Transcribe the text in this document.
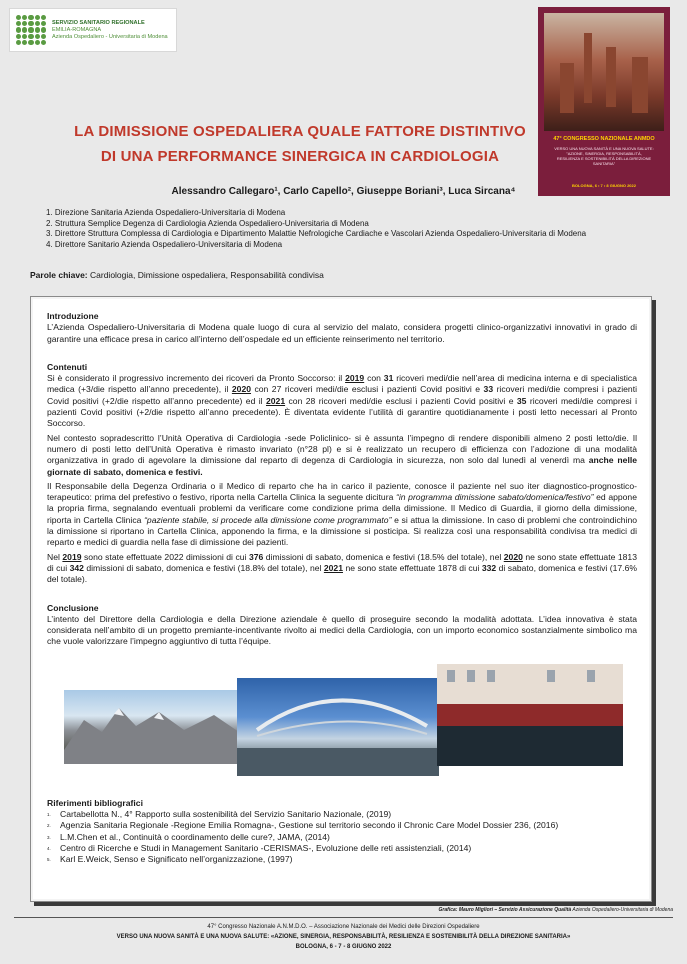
SERVIZIO SANITARIO REGIONALE
EMILIA-ROMAGNA
Azienda Ospedaliero - Universitaria di Modena
47° CONGRESSO NAZIONALE ANMDO
VERSO UNA NUOVA SANITÀ E UNA NUOVA SALUTE:
"AZIONE, SINERGIA, RESPONSABILITÀ,
RESILIENZA E SOSTENIBILITÀ DELLA DIREZIONE SANITARIA"
BOLOGNA, 6 • 7 • 8 GIUGNO 2022
LA DIMISSIONE OSPEDALIERA QUALE FATTORE DISTINTIVO
DI UNA PERFORMANCE SINERGICA IN CARDIOLOGIA
Alessandro Callegaro¹, Carlo Capello², Giuseppe Boriani³, Luca Sircana⁴
1. Direzione Sanitaria Azienda Ospedaliero-Universitaria di Modena
2. Struttura Semplice Degenza di Cardiologia Azienda Ospedaliero-Universitaria di Modena
3. Direttore Struttura Complessa di Cardiologia e Dipartimento Malattie Nefrologiche Cardiache e Vascolari Azienda Ospedaliero-Universitaria di Modena
4. Direttore Sanitario Azienda Ospedaliero-Universitaria di Modena
Parole chiave: Cardiologia, Dimissione ospedaliera, Responsabilità condivisa
Introduzione

L’Azienda Ospedaliero-Universitaria di Modena quale luogo di cura al servizio del malato, considera progetti clinico-organizzativi innovativi in grado di garantire una efficace presa in carico all’interno dell’ospedale ed un efficiente reinserimento nel territorio.

Contenuti

Si è considerato il progressivo incremento dei ricoveri da Pronto Soccorso: il 2019 con 31 ricoveri medi/die nell’area di medicina interna e di specialistica medica (+3/die rispetto all’anno precedente), il 2020 con 27 ricoveri medi/die esclusi i pazienti Covid positivi e 33 ricoveri medi/die compresi i pazienti Covid positivi (+2/die rispetto all’anno precedente) ed il 2021 con 28 ricoveri medi/die esclusi i pazienti Covid positivi e 35 ricoveri medi/die compresi i pazienti Covid positivi (+2/die rispetto all’anno precedente). È diventata evidente l’utilità di garantire quotidianamente i posti letto necessari al Pronto Soccorso.

Nel contesto sopradescritto l’Unità Operativa di Cardiologia -sede Policlinico- si è assunta l’impegno di rendere disponibili almeno 2 posti letto/die. Il numero di posti letto dell’Unità Operativa è rimasto invariato (n°28 pl) e si è realizzato un recupero di efficienza con l’adozione di una modalità organizzativa in grado di agevolare la dimissione dal reparto di degenza di Cardiologia in sicurezza, non solo dal lunedì al venerdì ma anche nelle giornate di sabato, domenica e festivi.

Il Responsabile della Degenza Ordinaria o il Medico di reparto che ha in carico il paziente, conosce il paziente nel suo iter diagnostico-prognostico-terapeutico: prima del prefestivo o festivo, riporta nella Cartella Clinica la seguente dicitura “in programma dimissione sabato/domenica/festivo” ed appone la propria firma, segnalando eventuali problemi da verificare come condizione prima della dimissione. Il Medico di Guardia, il giorno della dimissione, riporta in Cartella Clinica “paziente stabile, si procede alla dimissione come programmato” e si attua la dimissione. In caso di problemi che controindichino la dimissione si riportano in Cartella Clinica, apponendo la firma, e la dimissione si posticipa. Si realizza così una responsabilità condivisa tra medici di reparto e medici di guardia nella fase di dimissione dei pazienti.

Nel 2019 sono state effettuate 2022 dimissioni di cui 376 dimissioni di sabato, domenica e festivi (18.5% del totale), nel 2020 ne sono state effettuate 1813 di cui 342 dimissioni di sabato, domenica e festivi (18.8% del totale), nel 2021 ne sono state effettuate 1878 di cui 332 di sabato, domenica e festivi (17.6% del totale).

Conclusione

L’intento del Direttore della Cardiologia e della Direzione aziendale è quello di proseguire secondo la modalità adottata. L’idea innovativa è stata considerata nell’ambito di un progetto premiante-incentivante rivolto ai medici della Cardiologia, con un importo economico sostanzialmente simbolico ma che vuole valorizzare l’impegno aggiuntivo di tutta l’équipe.

Riferimenti bibliografici
1. Cartabellotta N., 4° Rapporto sulla sostenibilità del Servizio Sanitario Nazionale, (2019)
2. Agenzia Sanitaria Regionale -Regione Emilia Romagna-, Gestione sul territorio secondo il Chronic Care Model Dossier 236, (2016)
3. L.M.Chen et al., Continuità o coordinamento delle cure?, JAMA, (2014)
4. Centro di Ricerche e Studi in Management Sanitario -CERISMAS-, Evoluzione delle reti assistenziali, (2014)
5. Karl E.Weick, Senso e Significato nell’organizzazione, (1997)
Grafica: Mauro Migliori – Servizio Assicurazione Qualità Azienda Ospedaliero-Universitaria di Modena
47° Congresso Nazionale A.N.M.D.O. – Associazione Nazionale dei Medici delle Direzioni Ospedaliere
VERSO UNA NUOVA SANITÀ E UNA NUOVA SALUTE: «AZIONE, SINERGIA, RESPONSABILITÀ, RESILIENZA E SOSTENIBILITÀ DELLA DIREZIONE SANITARIA»
BOLOGNA, 6 - 7 - 8 GIUGNO 2022
